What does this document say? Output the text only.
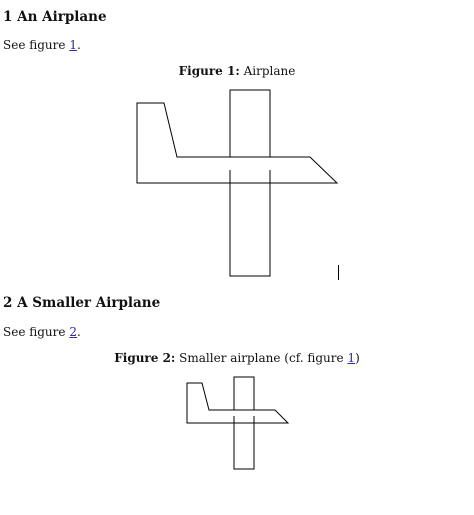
1 An Airplane
See figure 1.
Figure 1: Airplane
2 A Smaller Airplane
See figure 2.
Figure 2: Smaller airplane (cf. figure 1)
